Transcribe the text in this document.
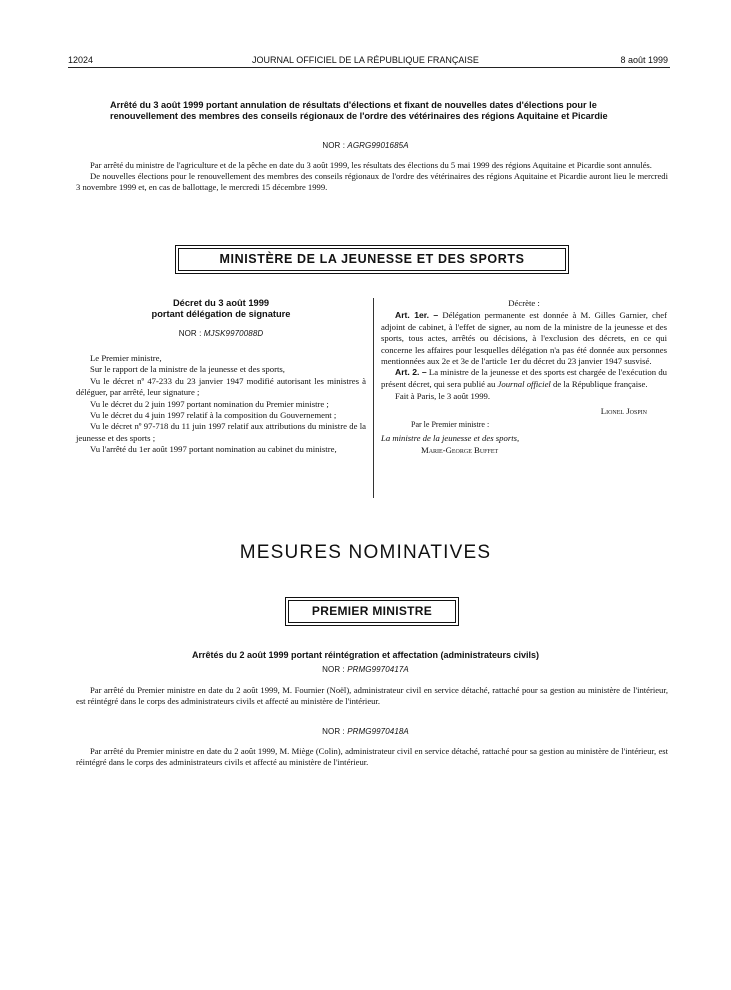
12024	JOURNAL OFFICIEL DE LA RÉPUBLIQUE FRANÇAISE	8 août 1999
Arrêté du 3 août 1999 portant annulation de résultats d'élections et fixant de nouvelles dates d'élections pour le renouvellement des membres des conseils régionaux de l'ordre des vétérinaires des régions Aquitaine et Picardie
NOR : AGRG9901685A

Par arrêté du ministre de l'agriculture et de la pêche en date du 3 août 1999, les résultats des élections du 5 mai 1999 des régions Aquitaine et Picardie sont annulés.

De nouvelles élections pour le renouvellement des membres des conseils régionaux de l'ordre des vétérinaires des régions Aquitaine et Picardie auront lieu le mercredi 3 novembre 1999 et, en cas de ballottage, le mercredi 15 décembre 1999.

MINISTÈRE DE LA JEUNESSE ET DES SPORTS
Décret du 3 août 1999
portant délégation de signature
NOR : MJSK9970088D

Le Premier ministre,

Sur le rapport de la ministre de la jeunesse et des sports,

Vu le décret nº 47-233 du 23 janvier 1947 modifié autorisant les ministres à déléguer, par arrêté, leur signature ;

Vu le décret du 2 juin 1997 portant nomination du Premier ministre ;

Vu le décret du 4 juin 1997 relatif à la composition du Gouvernement ;

Vu le décret nº 97-718 du 11 juin 1997 relatif aux attributions du ministre de la jeunesse et des sports ;

Vu l'arrêté du 1er août 1997 portant nomination au cabinet du ministre,

Décrète :

Art. 1er. – Délégation permanente est donnée à M. Gilles Garnier, chef adjoint de cabinet, à l'effet de signer, au nom de la ministre de la jeunesse et des sports, tous actes, arrêtés ou décisions, à l'exclusion des décrets, en ce qui concerne les affaires pour lesquelles délégation n'a pas été donnée aux personnes mentionnées aux 2e et 3e de l'article 1er du décret du 23 janvier 1947 susvisé.

Art. 2. – La ministre de la jeunesse et des sports est chargée de l'exécution du présent décret, qui sera publié au Journal officiel de la République française.

Fait à Paris, le 3 août 1999.

Lionel Jospin
Par le Premier ministre :
La ministre de la jeunesse et des sports,
Marie-George Buffet
MESURES NOMINATIVES
PREMIER MINISTRE
Arrêtés du 2 août 1999 portant réintégration et affectation (administrateurs civils)
NOR : PRMG9970417A

Par arrêté du Premier ministre en date du 2 août 1999, M. Fournier (Noël), administrateur civil en service détaché, rattaché pour sa gestion au ministère de l'intérieur, est réintégré dans le corps des administrateurs civils et affecté au ministère de l'intérieur.

NOR : PRMG9970418A

Par arrêté du Premier ministre en date du 2 août 1999, M. Miège (Colin), administrateur civil en service détaché, rattaché pour sa gestion au ministère de l'intérieur, est réintégré dans le corps des administrateurs civils et affecté au ministère de l'intérieur.
